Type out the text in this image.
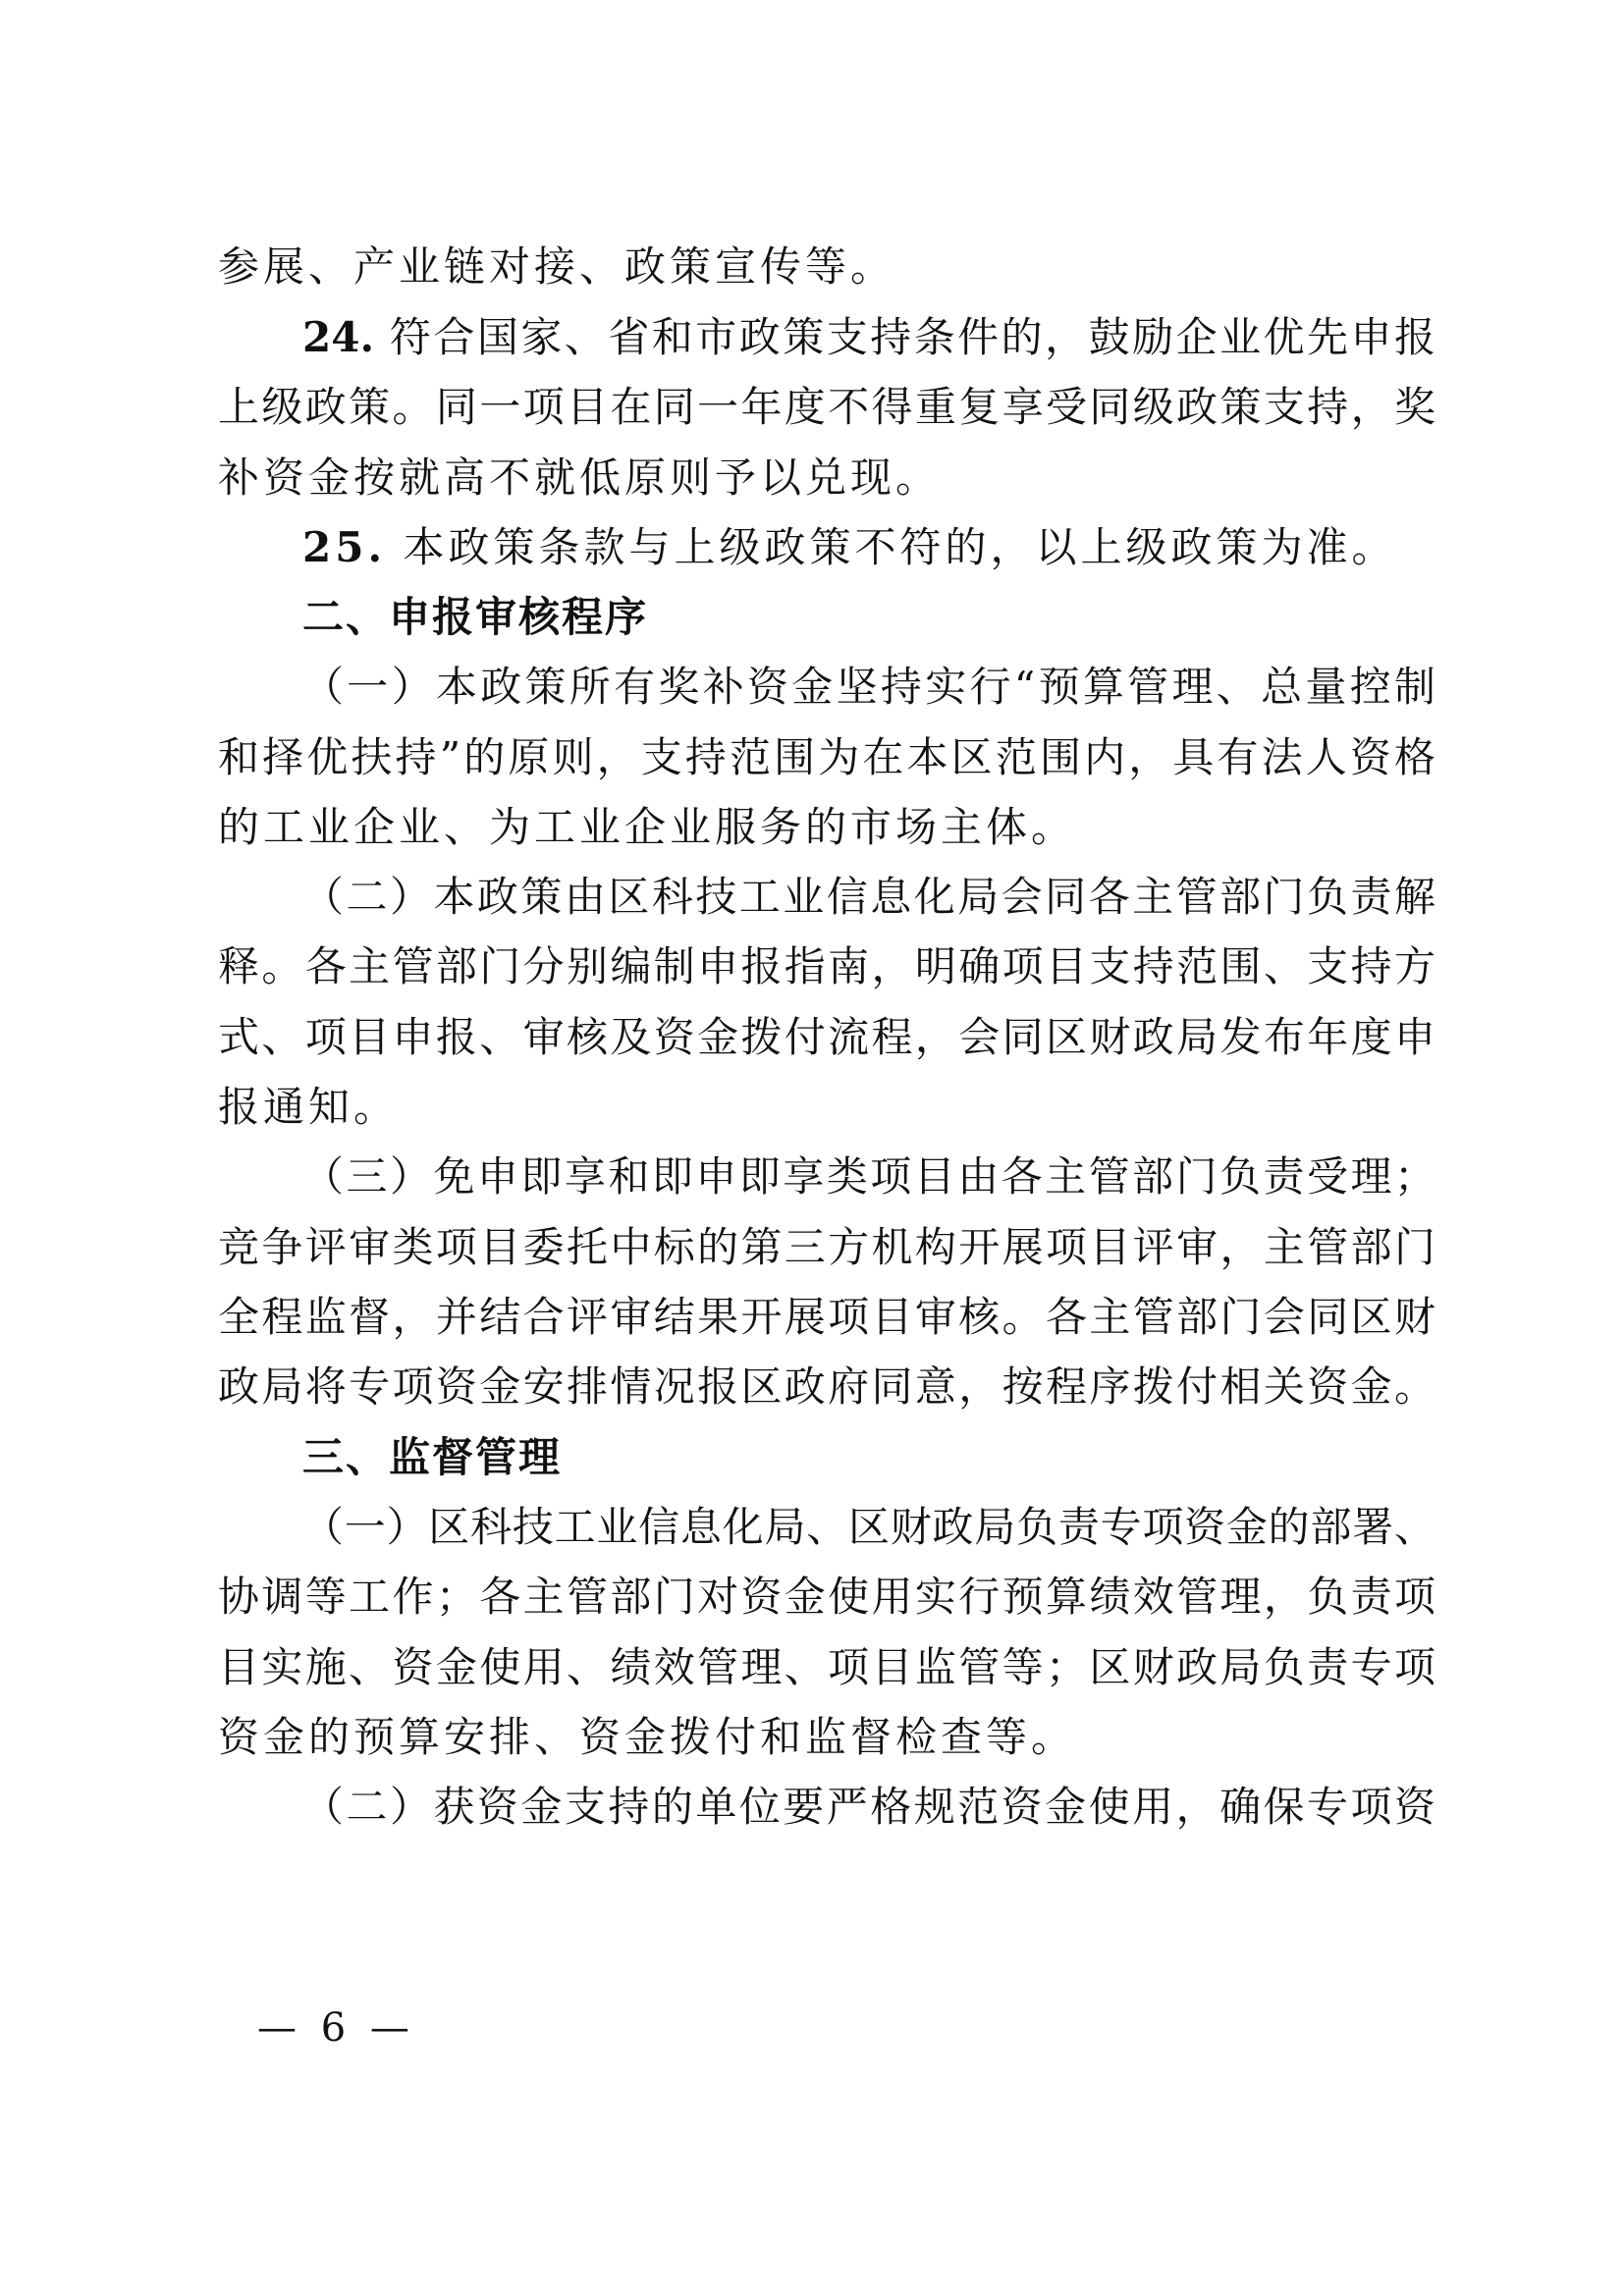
参展、产业链对接、政策宣传等。
24. 符合国家、省和市政策支持条件的，鼓励企业优先申报
上级政策。同一项目在同一年度不得重复享受同级政策支持，奖
补资金按就高不就低原则予以兑现。
25. 本政策条款与上级政策不符的，以上级政策为准。
二、申报审核程序
（一）本政策所有奖补资金坚持实行“预算管理、总量控制
和择优扶持”的原则，支持范围为在本区范围内，具有法人资格
的工业企业、为工业企业服务的市场主体。
（二）本政策由区科技工业信息化局会同各主管部门负责解
释。各主管部门分别编制申报指南，明确项目支持范围、支持方
式、项目申报、审核及资金拨付流程，会同区财政局发布年度申
报通知。
（三）免申即享和即申即享类项目由各主管部门负责受理；
竞争评审类项目委托中标的第三方机构开展项目评审，主管部门
全程监督，并结合评审结果开展项目审核。各主管部门会同区财
政局将专项资金安排情况报区政府同意，按程序拨付相关资金。
三、监督管理
（一）区科技工业信息化局、区财政局负责专项资金的部署、
协调等工作；各主管部门对资金使用实行预算绩效管理，负责项
目实施、资金使用、绩效管理、项目监管等；区财政局负责专项
资金的预算安排、资金拨付和监督检查等。
（二）获资金支持的单位要严格规范资金使用，确保专项资
— 6 —
